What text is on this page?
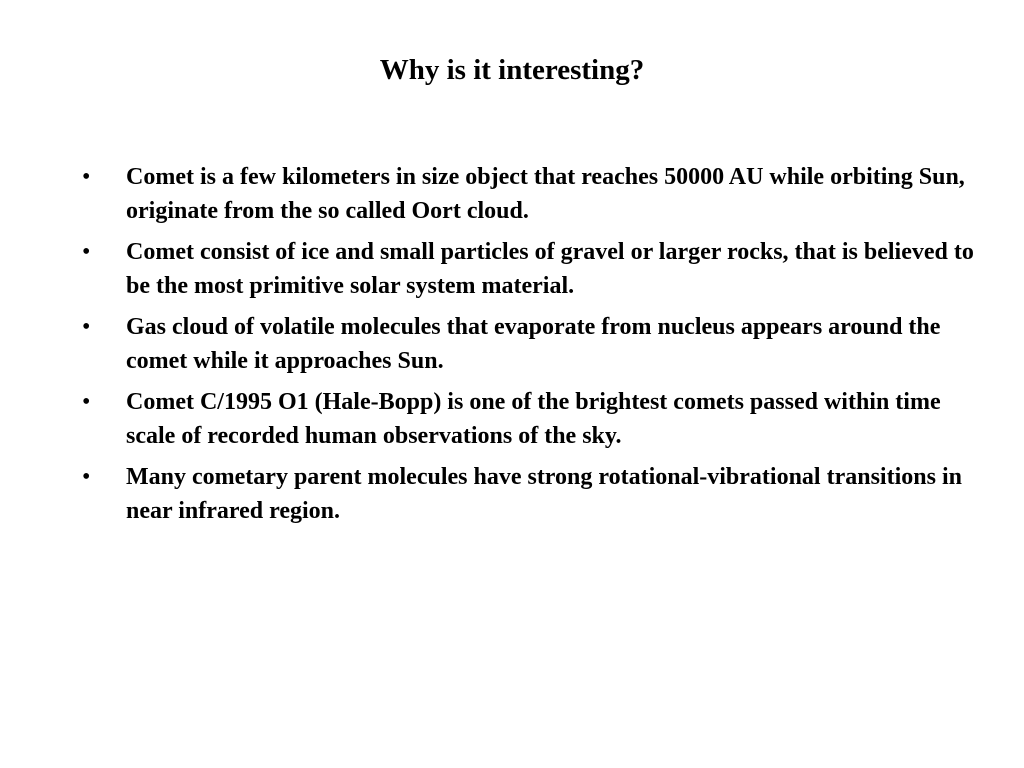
Why is it interesting?
• Comet is a few kilometers in size object that reaches 50000 AU while orbiting Sun, originate from the so called Oort cloud.
• Comet consist of ice and small particles of gravel or larger rocks, that is believed to be the most primitive solar system material.
• Gas cloud of volatile molecules that evaporate from nucleus appears around the comet while it approaches Sun.
• Comet C/1995 O1 (Hale-Bopp) is one of the brightest comets passed within time scale of recorded human observations of the sky.
• Many cometary parent molecules have strong rotational-vibrational transitions in near infrared region.
